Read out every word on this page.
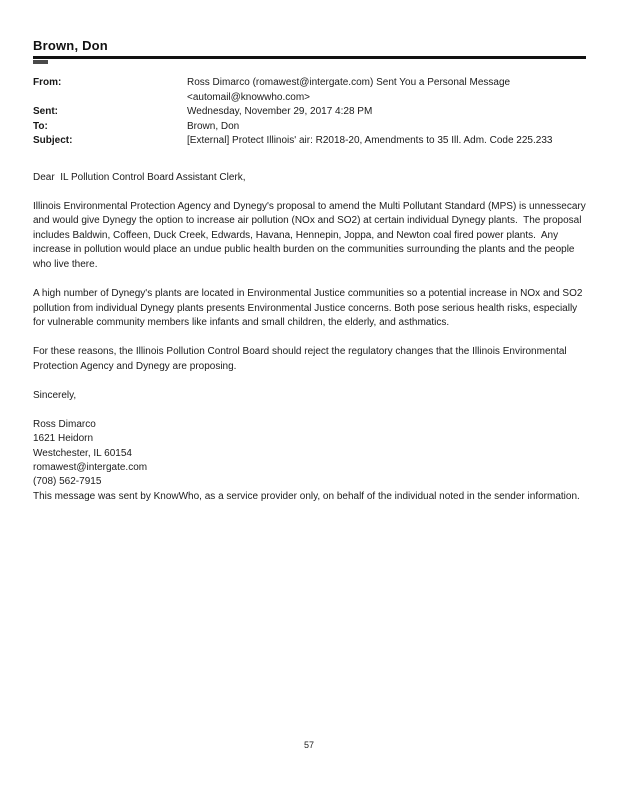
Brown, Don
From:	Ross Dimarco (romawest@intergate.com) Sent You a Personal Message <automail@knowwho.com>
Sent:	Wednesday, November 29, 2017 4:28 PM
To:	Brown, Don
Subject:	[External] Protect Illinois' air: R2018-20, Amendments to 35 Ill. Adm. Code 225.233

Dear  IL Pollution Control Board Assistant Clerk,

Illinois Environmental Protection Agency and Dynegy's proposal to amend the Multi Pollutant Standard (MPS) is unnessecary and would give Dynegy the option to increase air pollution (NOx and SO2) at certain individual Dynegy plants.  The proposal includes Baldwin, Coffeen, Duck Creek, Edwards, Havana, Hennepin, Joppa, and Newton coal fired power plants.  Any increase in pollution would place an undue public health burden on the communities surrounding the plants and the people who live there.

A high number of Dynegy's plants are located in Environmental Justice communities so a potential increase in NOx and SO2 pollution from individual Dynegy plants presents Environmental Justice concerns. Both pose serious health risks, especially for vulnerable community members like infants and small children, the elderly, and asthmatics.

For these reasons, the Illinois Pollution Control Board should reject the regulatory changes that the Illinois Environmental Protection Agency and Dynegy are proposing.

Sincerely,

Ross Dimarco
1621 Heidorn
Westchester, IL 60154
romawest@intergate.com
(708) 562-7915

This message was sent by KnowWho, as a service provider only, on behalf of the individual noted in the sender information.

57
